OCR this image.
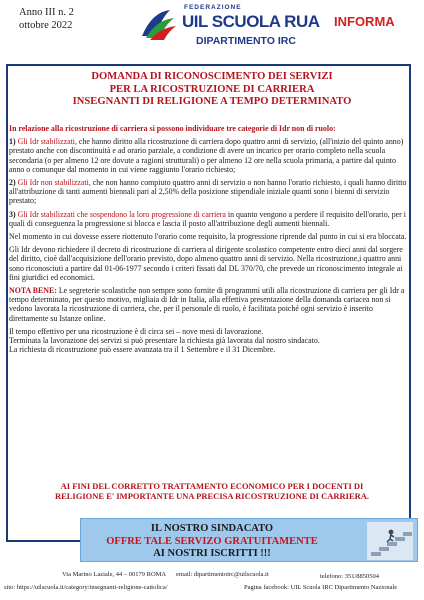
Anno III n. 2
ottobre 2022
FEDERAZIONE
UIL SCUOLA RUA INFORMA
DIPARTIMENTO IRC
DOMANDA DI RICONOSCIMENTO DEI SERVIZI
PER LA RICOSTRUZIONE DI CARRIERA
INSEGNANTI DI RELIGIONE A TEMPO DETERMINATO

In relazione alla ricostruzione di carriera si possono individuare tre categorie di Idr non di ruolo:

1) Gli Idr stabilizzati, che hanno diritto alla ricostruzione di carriera dopo quattro anni di servizio, (all'inizio del quinto anno) prestato anche con discontinuità e ad orario parziale, a condizione di avere un incarico per orario completo nella scuola secondaria (o per almeno 12 ore dovute a ragioni strutturali) o per almeno 12 ore nella scuola primaria, a partire dal quinto anno o comunque dal momento in cui viene raggiunto l'orario richiesto;

2) Gli Idr non stabilizzati, che non hanno compiuto quattro anni di servizio o non hanno l'orario richiesto, i quali hanno diritto all'attribuzione di tanti aumenti biennali pari al 2,50% della posizione stipendiale iniziale quanti sono i bienni di servizio prestato;

3) Gli Idr stabilizzati che sospendono la loro progressione di carriera in quanto vengono a perdere il requisito dell'orario, per i quali di conseguenza la progressione si blocca e lascia il posto all'attribuzione degli aumenti biennali.

Nel momento in cui dovesse essere riottenuto l'orario come requisito, la progressione riprende dal punto in cui si era bloccata.

Gli Idr devono richiedere il decreto di ricostruzione di carriera al dirigente scolastico competente entro dieci anni dal sorgere del diritto, cioè dall'acquisizione dell'orario previsto, dopo almeno quattro anni di servizio. Nella ricostruzione,i quattro anni sono riconosciuti a partire dal 01-06-1977 secondo i criteri fissati dal DL 370/70, che prevede un riconoscimento integrale ai fini giuridici ed economici.

NOTA BENE: Le segreterie scolastiche non sempre sono fornite di programmi utili alla ricostruzione di carriera per gli Idr a tempo determinato, per questo motivo, migliaia di Idr in Italia, alla effettiva presentazione della domanda cartacea non si vedono lavorata la ricostruzione di carriera, che, per il personale di ruolo, è facilitata poiché ogni servizio è inserito direttamente su Istanze online.

Il tempo effettivo per una ricostruzione è di circa sei – nove mesi di lavorazione.
Terminata la lavorazione dei servizi si può presentare la richiesta già lavorata dal nostro sindacato.
La richiesta di ricostruzione può essere avanzata tra il 1 Settembre e il 31 Dicembre.

AI FINI DEL CORRETTO TRATTAMENTO ECONOMICO PER I DOCENTI DI
RELIGIONE E' IMPORTANTE UNA PRECISA RICOSTRUZIONE DI CARRIERA.
IL NOSTRO SINDACATO
OFFRE TALE SERVIZO GRATUITAMENTE
AI NOSTRI ISCRITTI !!!
Via Marino Laziale, 44 – 00179 ROMA email: dipartimentoirc@uilscuola.it	telefono: 351/8850504
sito: https://uilscuola.it/category/insegnanti-religione-cattolica/	Pagina facebook: UIL Scuola IRC Dipartimento Nazionale
